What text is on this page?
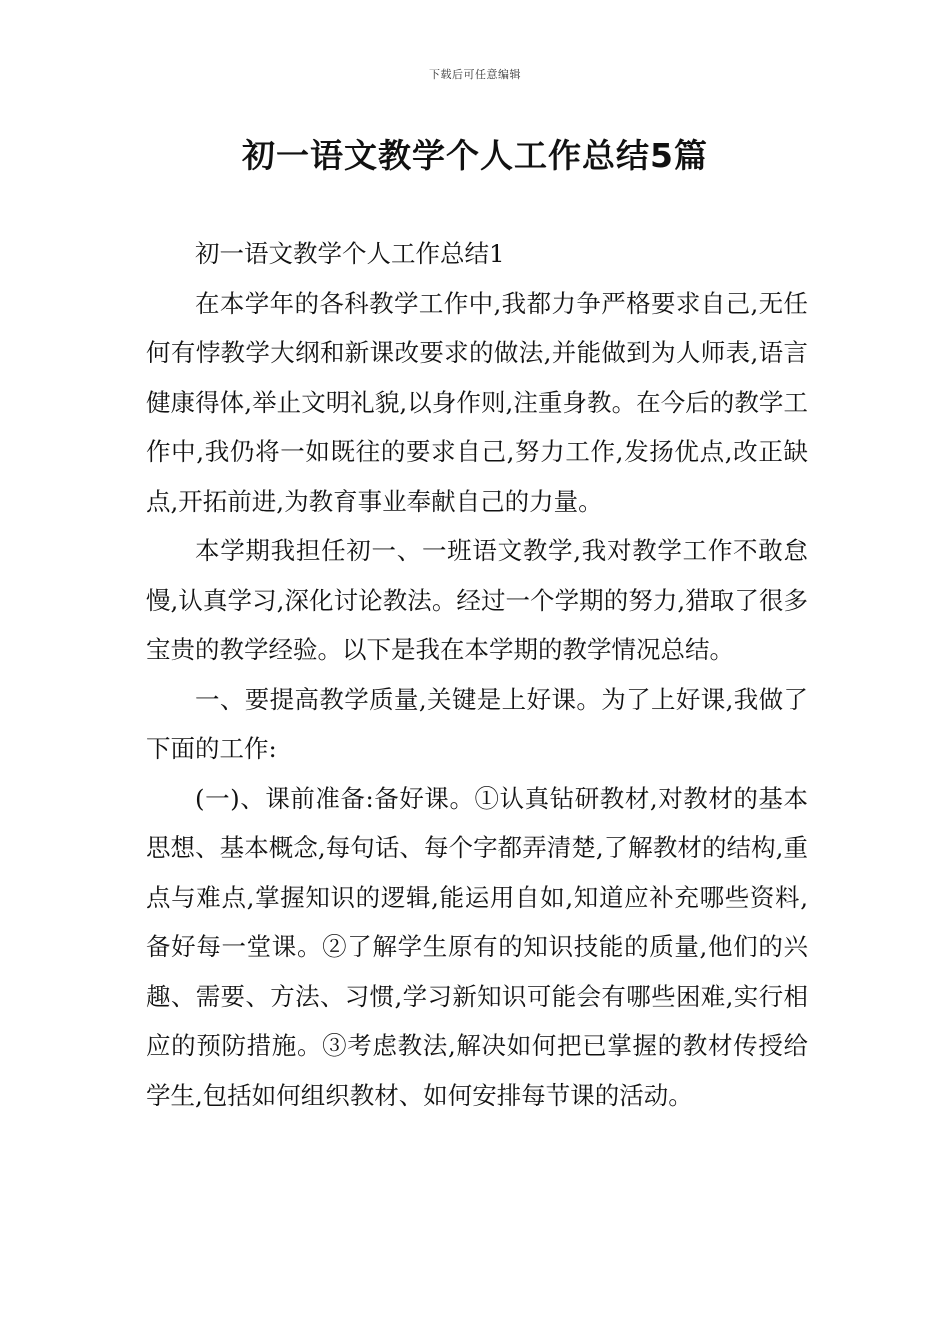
下载后可任意编辑
初一语文教学个人工作总结5篇

初一语文教学个人工作总结1

在本学年的各科教学工作中,我都力争严格要求自己,无任何有悖教学大纲和新课改要求的做法,并能做到为人师表,语言健康得体,举止文明礼貌,以身作则,注重身教。在今后的教学工作中,我仍将一如既往的要求自己,努力工作,发扬优点,改正缺点,开拓前进,为教育事业奉献自己的力量。

本学期我担任初一、一班语文教学,我对教学工作不敢怠慢,认真学习,深化讨论教法。经过一个学期的努力,猎取了很多宝贵的教学经验。以下是我在本学期的教学情况总结。

一、要提高教学质量,关键是上好课。为了上好课,我做了下面的工作:

(一)、课前准备:备好课。①认真钻研教材,对教材的基本思想、基本概念,每句话、每个字都弄清楚,了解教材的结构,重点与难点,掌握知识的逻辑,能运用自如,知道应补充哪些资料,备好每一堂课。②了解学生原有的知识技能的质量,他们的兴趣、需要、方法、习惯,学习新知识可能会有哪些困难,实行相应的预防措施。③考虑教法,解决如何把已掌握的教材传授给学生,包括如何组织教材、如何安排每节课的活动。
